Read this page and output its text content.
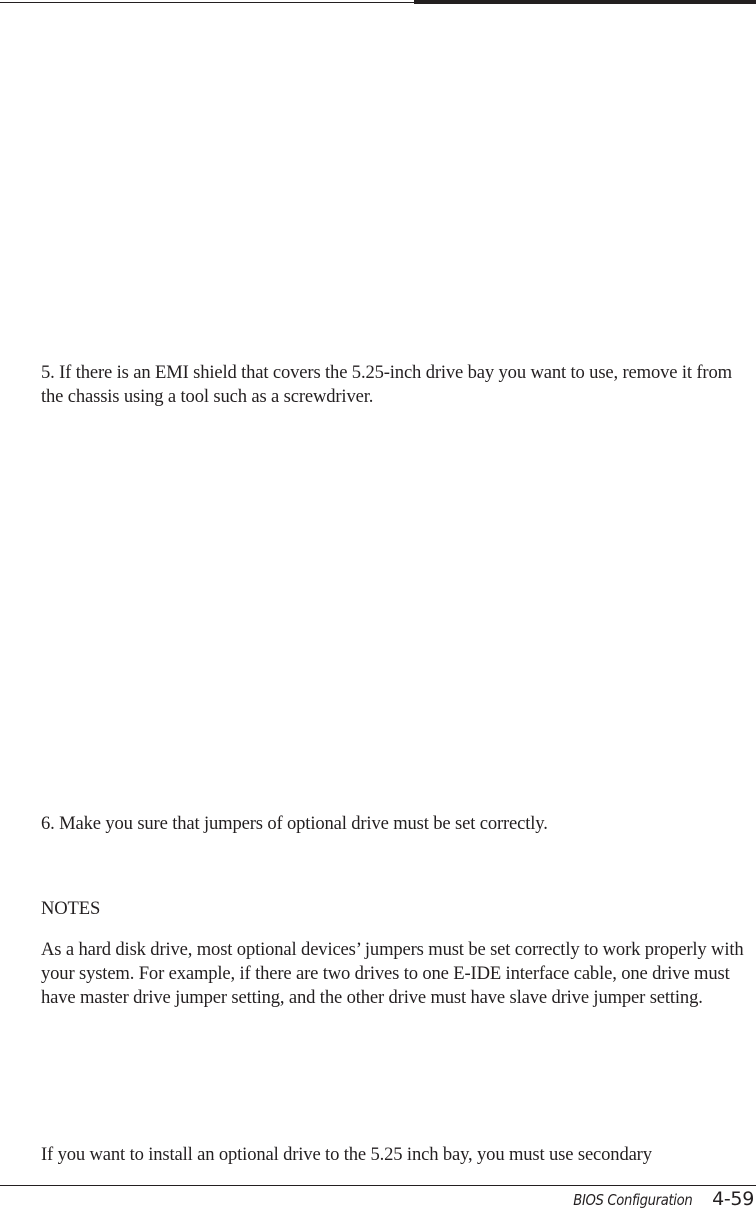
5. If there is an EMI shield that covers the 5.25-inch drive bay you want to use, remove it from the chassis using a tool such as a screwdriver.

6. Make you sure that jumpers of optional drive must be set correctly.

NOTES

As a hard disk drive, most optional devices’ jumpers must be set correctly to work properly with your system. For example, if there are two drives to one E-IDE interface cable, one drive must have master drive jumper setting, and the other drive must have slave drive jumper setting.

If you want to install an optional drive to the 5.25 inch bay, you must use secondary

BIOS Configuration 4-59
